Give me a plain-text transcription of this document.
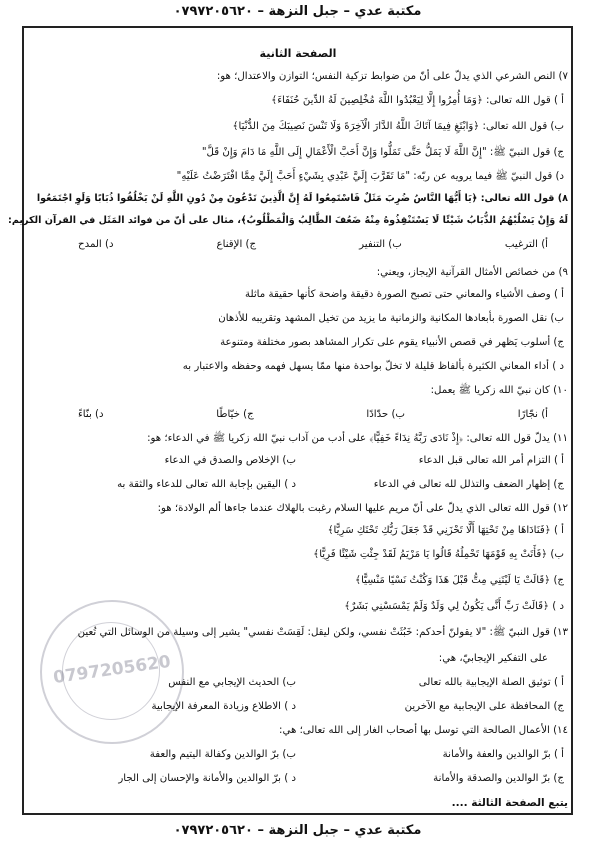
مكتبة عدي – جبل النزهة – ٠٧٩٧٢٠٥٦٢٠
0797205620
الصفحة الثانية
٧) النص الشرعي الذي يدلّ على أنّ من ضوابط تزكية النفس؛ التوازن والاعتدال؛ هو:
أ ) قول الله تعالى: ﴿وَمَا أُمِرُوا إِلَّا لِيَعْبُدُوا اللَّهَ مُخْلِصِينَ لَهُ الدِّينَ حُنَفَاءَ﴾
ب) قول الله تعالى: ﴿وَابْتَغِ فِيمَا آتَاكَ اللَّهُ الدَّارَ الْآخِرَةَ وَلَا تَنْسَ نَصِيبَكَ مِنَ الدُّنْيَا﴾
ج) قول النبيّ ﷺ: "إِنَّ اللَّهَ لَا يَمَلُّ حَتَّى تَمَلُّوا وَإِنَّ أَحَبَّ الْأَعْمَالِ إِلَى اللَّهِ مَا دَامَ وَإِنْ قَلَّ"
د) قول النبيّ ﷺ فيما يرويه عن ربّه: "مَا تَقَرَّبَ إِلَيَّ عَبْدِي بِشَيْءٍ أَحَبَّ إِلَيَّ مِمَّا افْتَرَضْتُ عَلَيْهِ"
٨) قول الله تعالى: ﴿يَا أَيُّهَا النَّاسُ ضُرِبَ مَثَلٌ فَاسْتَمِعُوا لَهُ إِنَّ الَّذِينَ تَدْعُونَ مِنْ دُونِ اللَّهِ لَنْ يَخْلُقُوا ذُبَابًا وَلَوِ اجْتَمَعُوا
لَهُ وَإِنْ يَسْلُبْهُمُ الذُّبَابُ شَيْئًا لَا يَسْتَنْقِذُوهُ مِنْهُ ضَعُفَ الطَّالِبُ وَالْمَطْلُوبُ﴾، مثال على أنّ من فوائد المَثَل في القرآن الكريم:
أ) الترغيب
ب) التنفير
ج) الإقناع
د) المدح
٩) من خصائص الأمثال القرآنية الإيجاز، ويعني:
أ ) وصف الأشياء والمعاني حتى تصبح الصورة دقيقة واضحة كأنها حقيقة ماثلة
ب) نقل الصورة بأبعادها المكانية والزمانية ما يزيد من تخيل المشهد وتقريبه للأذهان
ج) أسلوب يَظهر في قصص الأنبياء يقوم على تكرار المشاهد بصور مختلفة ومتنوعة
د ) أداء المعاني الكثيرة بألفاظ قليلة لا تخلّ بواحدة منها ممّا يسهل فهمه وحفظه والاعتبار به
١٠) كان نبيّ الله زكريا ﷺ يعمل:
أ) نجّارًا
ب) حدّادًا
ج) خيّاطًا
د) بنّاءً
١١) يدلّ قول الله تعالى: ﴿إِذْ نَادَى رَبَّهُ نِدَاءً خَفِيًّا﴾ على أدب من آداب نبيّ الله زكريا ﷺ في الدعاء؛ هو:
أ ) التزام أمر الله تعالى قبل الدعاء
ب) الإخلاص والصدق في الدعاء
ج) إظهار الضعف والتذلل لله تعالى في الدعاء
د ) اليقين بإجابة الله تعالى للدعاء والثقة به
١٢) قول الله تعالى الذي يدلّ على أنّ مريم عليها السلام رغبت بالهلاك عندما جاءها ألم الولادة؛ هو:
أ ) ﴿فَنَادَاهَا مِنْ تَحْتِهَا أَلَّا تَحْزَنِي قَدْ جَعَلَ رَبُّكِ تَحْتَكِ سَرِيًّا﴾
ب) ﴿فَأَتَتْ بِهِ قَوْمَهَا تَحْمِلُهُ قَالُوا يَا مَرْيَمُ لَقَدْ جِئْتِ شَيْئًا فَرِيًّا﴾
ج) ﴿قَالَتْ يَا لَيْتَنِي مِتُّ قَبْلَ هَذَا وَكُنْتُ نَسْيًا مَنْسِيًّا﴾
د ) ﴿قَالَتْ رَبِّ أَنَّى يَكُونُ لِي وَلَدٌ وَلَمْ يَمْسَسْنِي بَشَرٌ﴾
١٣) قول النبيّ ﷺ: "لا يقولنّ أحدكم: خَبُثَتْ نفسي، ولكن ليقل: لَقِسَتْ نفسي" يشير إلى وسيلة من الوسائل التي تُعين
على التفكير الإيجابيّ، هي:
أ ) توثيق الصلة الإيجابية بالله تعالى
ب) الحديث الإيجابي مع النفس
ج) المحافظة على الإيجابية مع الآخرين
د ) الاطلاع وزيادة المعرفة الإيجابية
١٤) الأعمال الصالحة التي توسل بها أصحاب الغار إلى الله تعالى؛ هي:
أ ) برّ الوالدين والعفة والأمانة
ب) برّ الوالدين وكفالة اليتيم والعفة
ج) برّ الوالدين والصدقة والأمانة
د ) برّ الوالدين والأمانة والإحسان إلى الجار
يتبع الصفحة الثالثة ....
مكتبة عدي – جبل النزهة – ٠٧٩٧٢٠٥٦٢٠
